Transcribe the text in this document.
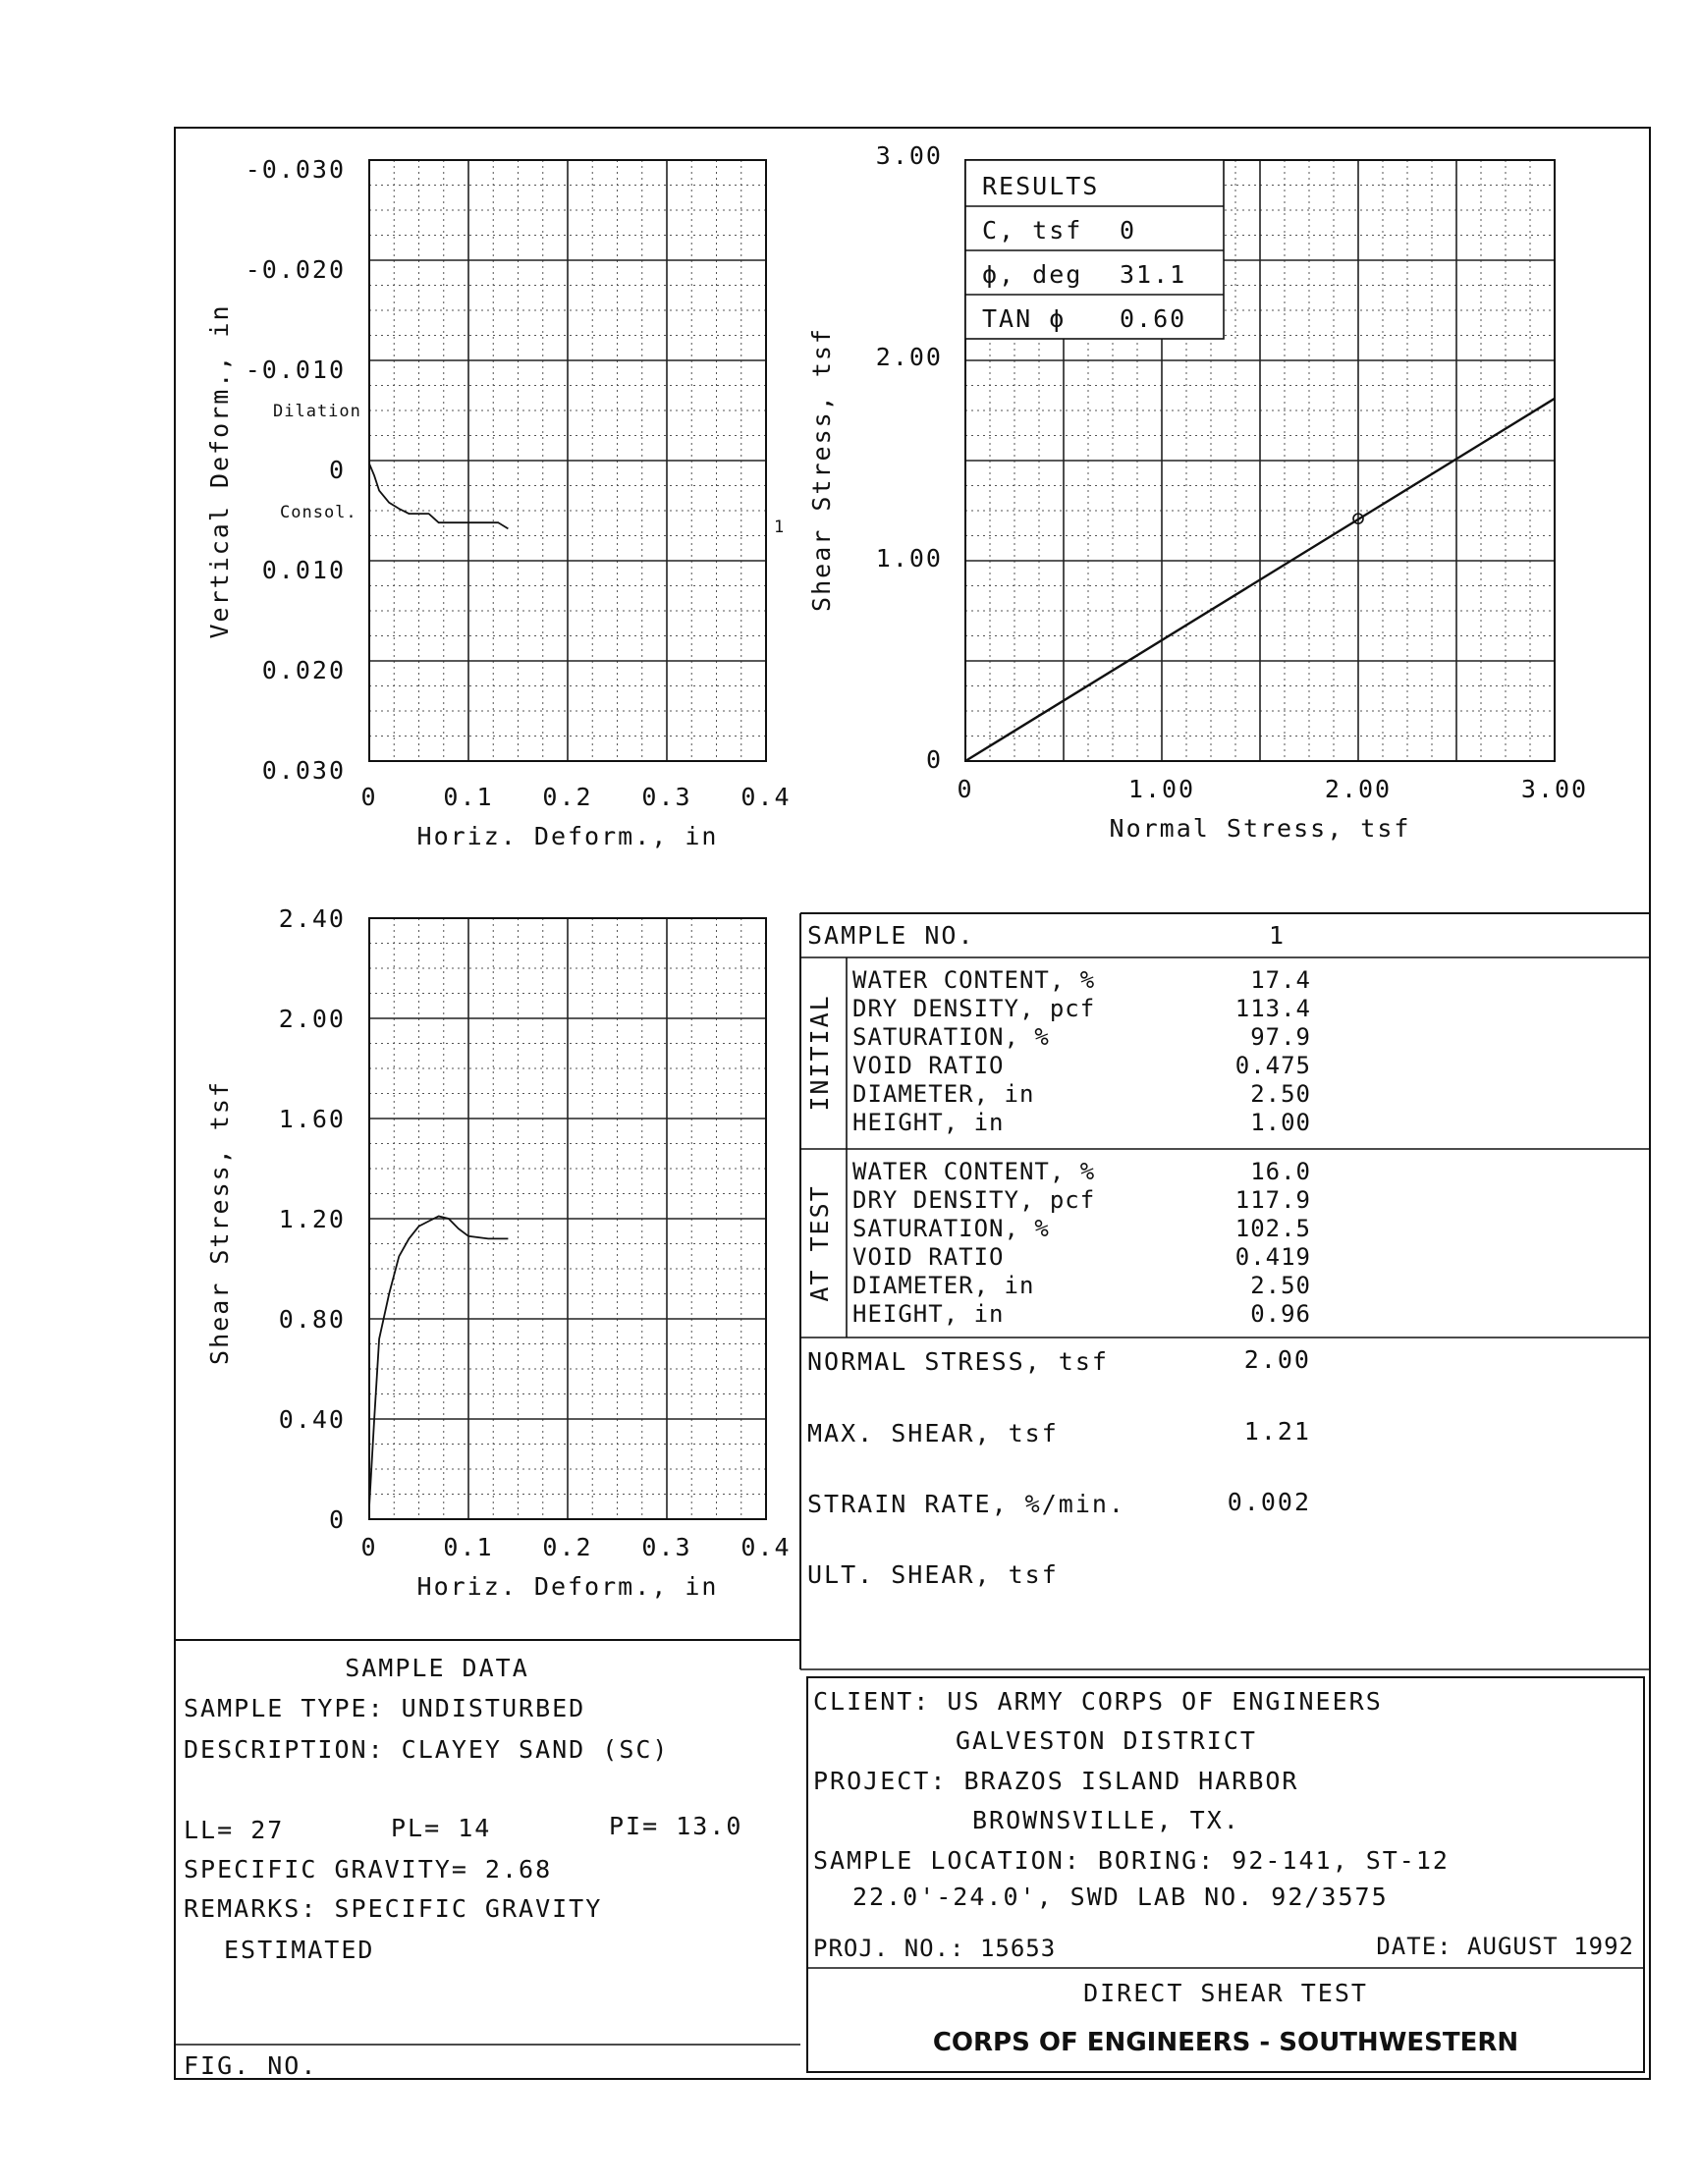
-0.030
-0.020
-0.010
0
0.010
0.020
0.030
0	0.1 0.2 0.3 0.4
Horiz. Deform., in
Vertical Deform., in Dilation
Consol.
1
0
1.00
2.00
3.00
0	1.00	2.00	3.00
Normal Stress, tsf
Shear Stress, tsf
RESULTS
C, tsf 0
ϕ, deg 31.1
TAN ϕ 0.60
0
0.40
0.80
1.20
1.60
2.00
2.40
0	0.1 0.2 0.3 0.4
Horiz. Deform., in
Shear Stress, tsf
SAMPLE NO.	1
INITIAL
AT TEST
WATER CONTENT, %	17.4
DRY DENSITY, pcf	113.4
SATURATION, %	97.9
VOID RATIO	0.475
DIAMETER, in	2.50
HEIGHT, in	1.00
WATER CONTENT, %	16.0
DRY DENSITY, pcf	117.9
SATURATION, %	102.5
VOID RATIO	0.419
DIAMETER, in	2.50
HEIGHT, in	0.96
NORMAL STRESS, tsf	2.00
MAX. SHEAR, tsf	1.21
STRAIN RATE, %/min.	0.002
ULT. SHEAR, tsf
SAMPLE DATA
SAMPLE TYPE: UNDISTURBED
DESCRIPTION: CLAYEY SAND (SC)
LL= 27	PL= 14	PI= 13.0
SPECIFIC GRAVITY= 2.68
REMARKS: SPECIFIC GRAVITY
ESTIMATED
FIG. NO.
CLIENT: US ARMY CORPS OF ENGINEERS
GALVESTON DISTRICT
PROJECT: BRAZOS ISLAND HARBOR
BROWNSVILLE, TX.
SAMPLE LOCATION: BORING: 92-141, ST-12
22.0'-24.0', SWD LAB NO. 92/3575
PROJ. NO.: 15653	DATE: AUGUST 1992
DIRECT SHEAR TEST
CORPS OF ENGINEERS - SOUTHWESTERN
